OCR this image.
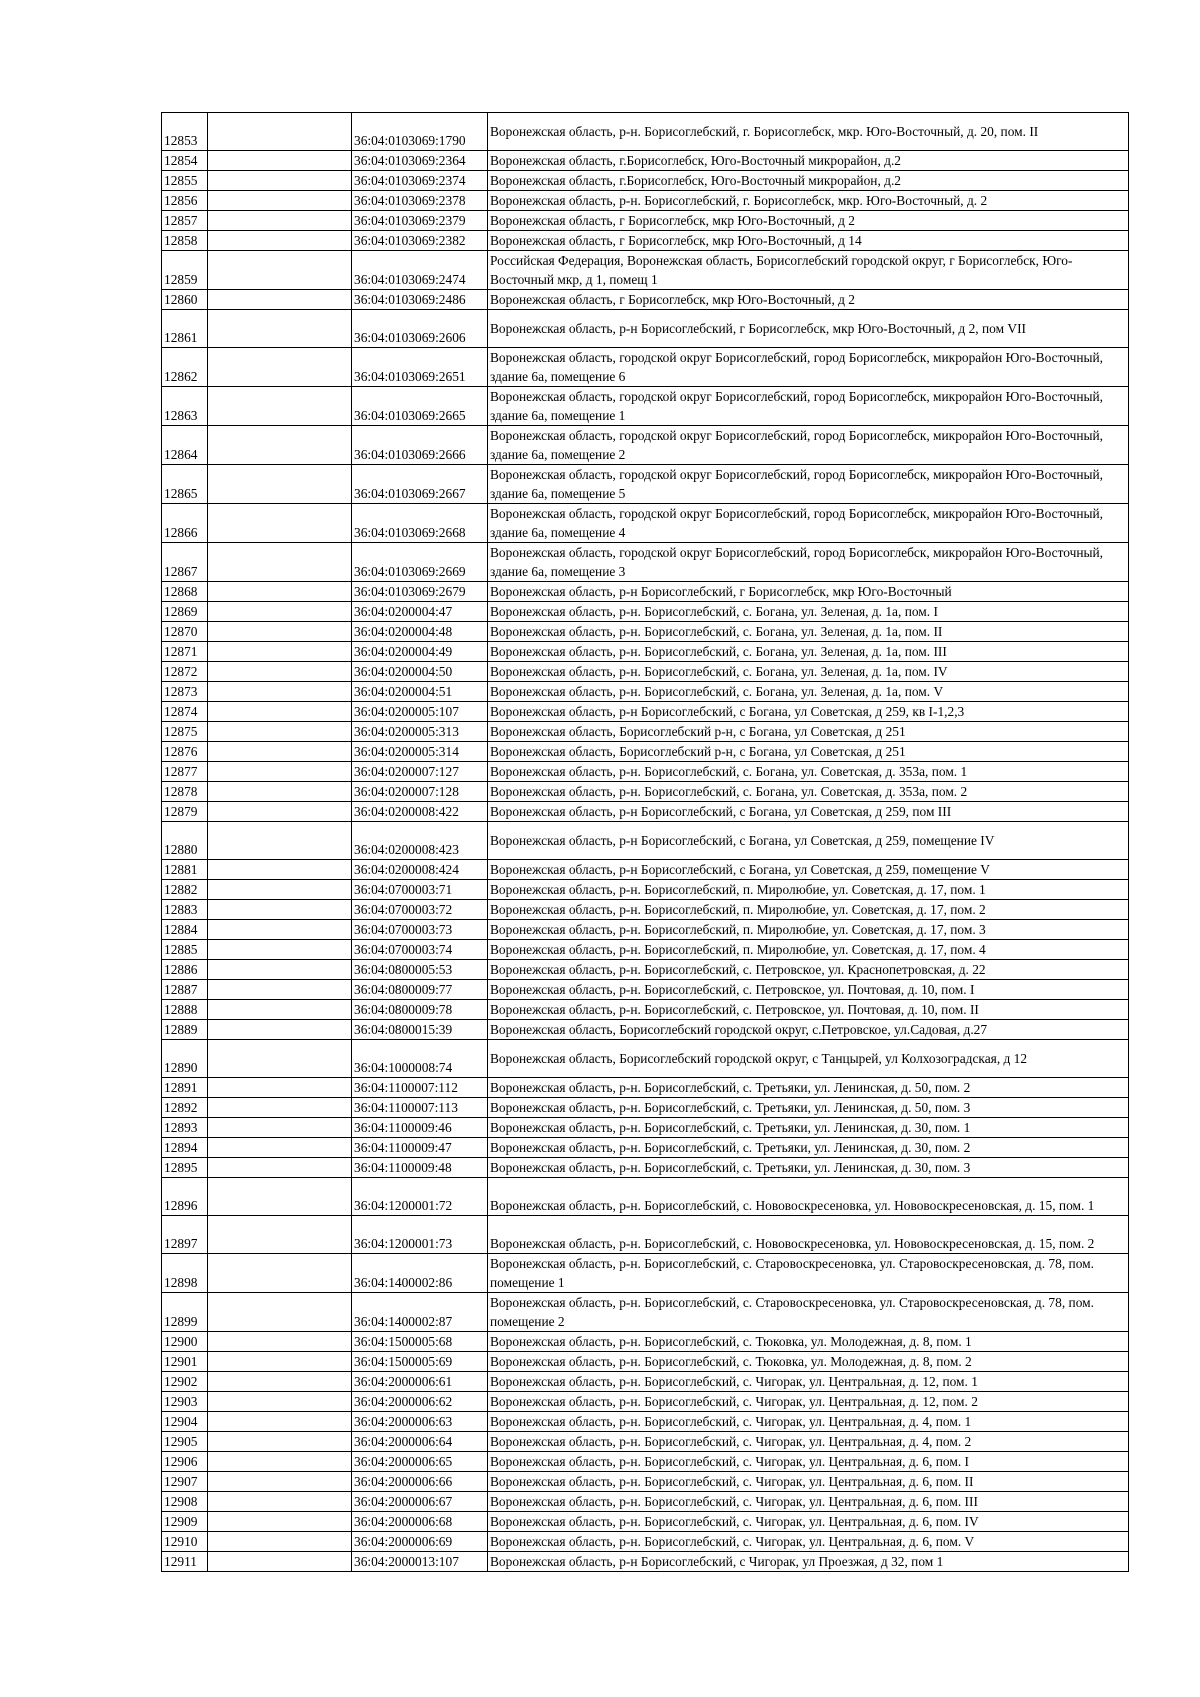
12853		36:04:0103069:1790	Воронежская область, р-н. Борисоглебский, г. Борисоглебск, мкр. Юго-Восточный, д. 20, пом. II
12854		36:04:0103069:2364	Воронежская область, г.Борисоглебск, Юго-Восточный микрорайон, д.2
12855		36:04:0103069:2374	Воронежская область, г.Борисоглебск, Юго-Восточный микрорайон, д.2
12856		36:04:0103069:2378	Воронежская область, р-н. Борисоглебский, г. Борисоглебск, мкр. Юго-Восточный, д. 2
12857		36:04:0103069:2379	Воронежская область, г Борисоглебск, мкр Юго-Восточный, д 2
12858		36:04:0103069:2382	Воронежская область, г Борисоглебск, мкр Юго-Восточный, д 14
12859		36:04:0103069:2474	Российская Федерация, Воронежская область, Борисоглебский городской округ, г Борисоглебск, Юго-Восточный мкр, д 1, помещ 1
12860		36:04:0103069:2486	Воронежская область, г Борисоглебск, мкр Юго-Восточный, д 2
12861		36:04:0103069:2606	Воронежская область, р-н Борисоглебский, г Борисоглебск, мкр Юго-Восточный, д 2, пом VII
12862		36:04:0103069:2651	Воронежская область, городской округ Борисоглебский, город Борисоглебск, микрорайон Юго-Восточный, здание 6а, помещение 6
12863		36:04:0103069:2665	Воронежская область, городской округ Борисоглебский, город Борисоглебск, микрорайон Юго-Восточный, здание 6а, помещение 1
12864		36:04:0103069:2666	Воронежская область, городской округ Борисоглебский, город Борисоглебск, микрорайон Юго-Восточный, здание 6а, помещение 2
12865		36:04:0103069:2667	Воронежская область, городской округ Борисоглебский, город Борисоглебск, микрорайон Юго-Восточный, здание 6а, помещение 5
12866		36:04:0103069:2668	Воронежская область, городской округ Борисоглебский, город Борисоглебск, микрорайон Юго-Восточный, здание 6а, помещение 4
12867		36:04:0103069:2669	Воронежская область, городской округ Борисоглебский, город Борисоглебск, микрорайон Юго-Восточный, здание 6а, помещение 3
12868		36:04:0103069:2679	Воронежская область, р-н Борисоглебский, г Борисоглебск, мкр Юго-Восточный
12869		36:04:0200004:47	Воронежская область, р-н. Борисоглебский, с. Богана, ул. Зеленая, д. 1а, пом. I
12870		36:04:0200004:48	Воронежская область, р-н. Борисоглебский, с. Богана, ул. Зеленая, д. 1а, пом. II
12871		36:04:0200004:49	Воронежская область, р-н. Борисоглебский, с. Богана, ул. Зеленая, д. 1а, пом. III
12872		36:04:0200004:50	Воронежская область, р-н. Борисоглебский, с. Богана, ул. Зеленая, д. 1а, пом. IV
12873		36:04:0200004:51	Воронежская область, р-н. Борисоглебский, с. Богана, ул. Зеленая, д. 1а, пом. V
12874		36:04:0200005:107	Воронежская область, р-н Борисоглебский, с Богана, ул Советская, д 259, кв I-1,2,3
12875		36:04:0200005:313	Воронежская область, Борисоглебский р-н, с Богана, ул Советская, д 251
12876		36:04:0200005:314	Воронежская область, Борисоглебский р-н, с Богана, ул Советская, д 251
12877		36:04:0200007:127	Воронежская область, р-н. Борисоглебский, с. Богана, ул. Советская, д. 353а, пом. 1
12878		36:04:0200007:128	Воронежская область, р-н. Борисоглебский, с. Богана, ул. Советская, д. 353а, пом. 2
12879		36:04:0200008:422	Воронежская область, р-н Борисоглебский, с Богана, ул Советская, д 259, пом III
12880		36:04:0200008:423	Воронежская область, р-н Борисоглебский, с Богана, ул Советская, д 259, помещение IV
12881		36:04:0200008:424	Воронежская область, р-н Борисоглебский, с Богана, ул Советская, д 259, помещение V
12882		36:04:0700003:71	Воронежская область, р-н. Борисоглебский, п. Миролюбие, ул. Советская, д. 17, пом. 1
12883		36:04:0700003:72	Воронежская область, р-н. Борисоглебский, п. Миролюбие, ул. Советская, д. 17, пом. 2
12884		36:04:0700003:73	Воронежская область, р-н. Борисоглебский, п. Миролюбие, ул. Советская, д. 17, пом. 3
12885		36:04:0700003:74	Воронежская область, р-н. Борисоглебский, п. Миролюбие, ул. Советская, д. 17, пом. 4
12886		36:04:0800005:53	Воронежская область, р-н. Борисоглебский, с. Петровское, ул. Краснопетровская, д. 22
12887		36:04:0800009:77	Воронежская область, р-н. Борисоглебский, с. Петровское, ул. Почтовая, д. 10, пом. I
12888		36:04:0800009:78	Воронежская область, р-н. Борисоглебский, с. Петровское, ул. Почтовая, д. 10, пом. II
12889		36:04:0800015:39	Воронежская область, Борисоглебский городской округ, с.Петровское, ул.Садовая, д.27
12890		36:04:1000008:74	Воронежская область, Борисоглебский городской округ, с Танцырей, ул Колхозоградская, д 12
12891		36:04:1100007:112	Воронежская область, р-н. Борисоглебский, с. Третьяки, ул. Ленинская, д. 50, пом. 2
12892		36:04:1100007:113	Воронежская область, р-н. Борисоглебский, с. Третьяки, ул. Ленинская, д. 50, пом. 3
12893		36:04:1100009:46	Воронежская область, р-н. Борисоглебский, с. Третьяки, ул. Ленинская, д. 30, пом. 1
12894		36:04:1100009:47	Воронежская область, р-н. Борисоглебский, с. Третьяки, ул. Ленинская, д. 30, пом. 2
12895		36:04:1100009:48	Воронежская область, р-н. Борисоглебский, с. Третьяки, ул. Ленинская, д. 30, пом. 3
12896		36:04:1200001:72	Воронежская область, р-н. Борисоглебский, с. Нововоскресеновка, ул. Нововоскресеновская, д. 15, пом. 1
12897		36:04:1200001:73	Воронежская область, р-н. Борисоглебский, с. Нововоскресеновка, ул. Нововоскресеновская, д. 15, пом. 2
12898		36:04:1400002:86	Воронежская область, р-н. Борисоглебский, с. Старовоскресеновка, ул. Старовоскресеновская, д. 78, пом. помещение 1
12899		36:04:1400002:87	Воронежская область, р-н. Борисоглебский, с. Старовоскресеновка, ул. Старовоскресеновская, д. 78, пом. помещение 2
12900		36:04:1500005:68	Воронежская область, р-н. Борисоглебский, с. Тюковка, ул. Молодежная, д. 8, пом. 1
12901		36:04:1500005:69	Воронежская область, р-н. Борисоглебский, с. Тюковка, ул. Молодежная, д. 8, пом. 2
12902		36:04:2000006:61	Воронежская область, р-н. Борисоглебский, с. Чигорак, ул. Центральная, д. 12, пом. 1
12903		36:04:2000006:62	Воронежская область, р-н. Борисоглебский, с. Чигорак, ул. Центральная, д. 12, пом. 2
12904		36:04:2000006:63	Воронежская область, р-н. Борисоглебский, с. Чигорак, ул. Центральная, д. 4, пом. 1
12905		36:04:2000006:64	Воронежская область, р-н. Борисоглебский, с. Чигорак, ул. Центральная, д. 4, пом. 2
12906		36:04:2000006:65	Воронежская область, р-н. Борисоглебский, с. Чигорак, ул. Центральная, д. 6, пом. I
12907		36:04:2000006:66	Воронежская область, р-н. Борисоглебский, с. Чигорак, ул. Центральная, д. 6, пом. II
12908		36:04:2000006:67	Воронежская область, р-н. Борисоглебский, с. Чигорак, ул. Центральная, д. 6, пом. III
12909		36:04:2000006:68	Воронежская область, р-н. Борисоглебский, с. Чигорак, ул. Центральная, д. 6, пом. IV
12910		36:04:2000006:69	Воронежская область, р-н. Борисоглебский, с. Чигорак, ул. Центральная, д. 6, пом. V
12911		36:04:2000013:107	Воронежская область, р-н Борисоглебский, с Чигорак, ул Проезжая, д 32, пом 1
